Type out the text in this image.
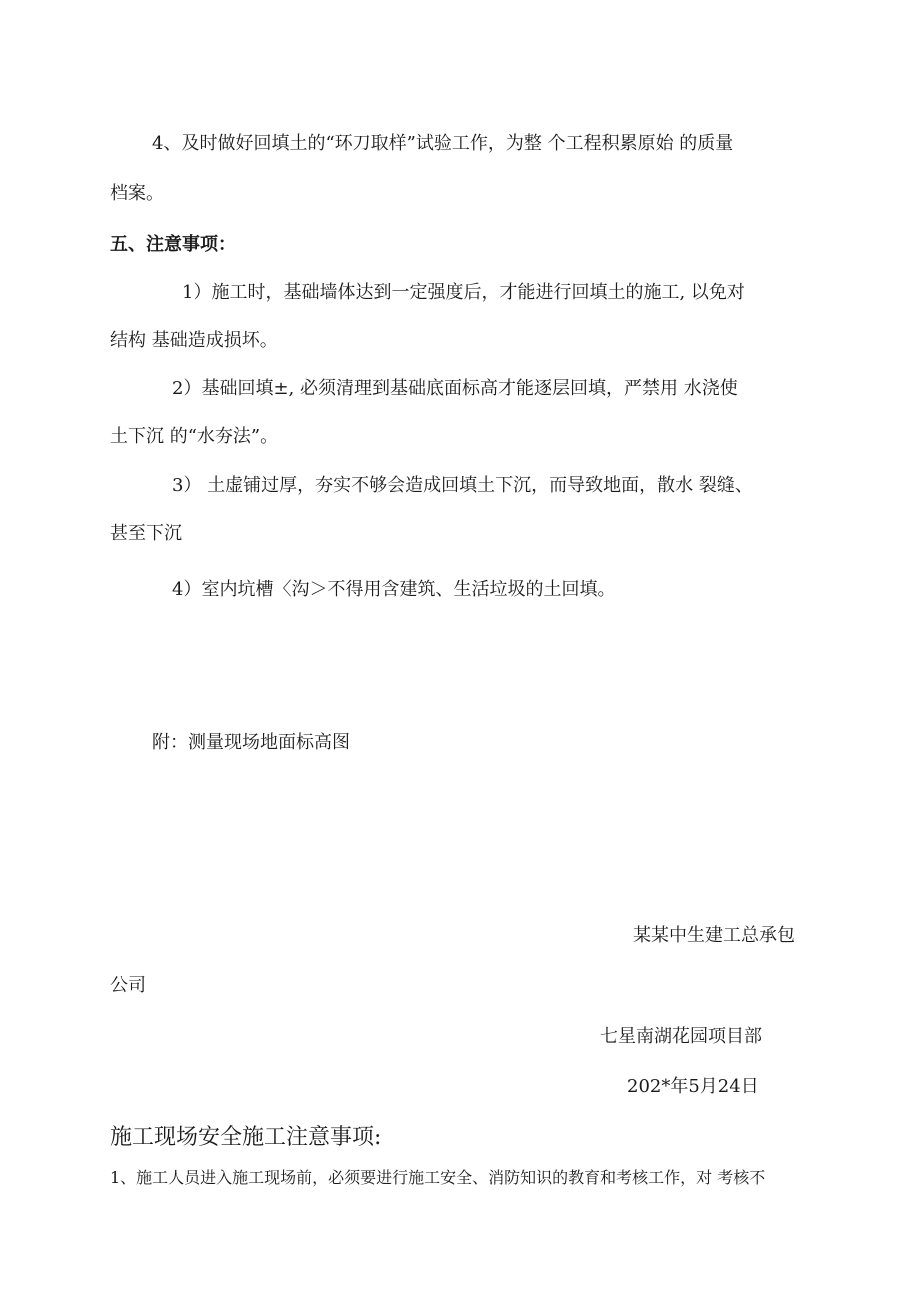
4、及时做好回填土的“环刀取样”试验工作，为整 个工程积累原始 的质量
档案。
五、注意事项：
1）施工时，基础墙体达到一定强度后，才能进行回填土的施工, 以免对
结构 基础造成损坏。
2）基础回填±, 必须清理到基础底面标高才能逐层回填，严禁用 水浇使
土下沉 的“水夯法”。
3） 土虚铺过厚，夯实不够会造成回填土下沉，而导致地面，散水 裂缝、
甚至下沉
4）室内坑槽〈沟＞不得用含建筑、生活垃圾的土回填。
附：测量现场地面标高图
某某中生建工总承包
公司
七星南湖花园项目部
202*年5月24日
施工现场安全施工注意事项:
1、施工人员进入施工现场前，必须要进行施工安全、消防知识的教育和考核工作，对 考核不
